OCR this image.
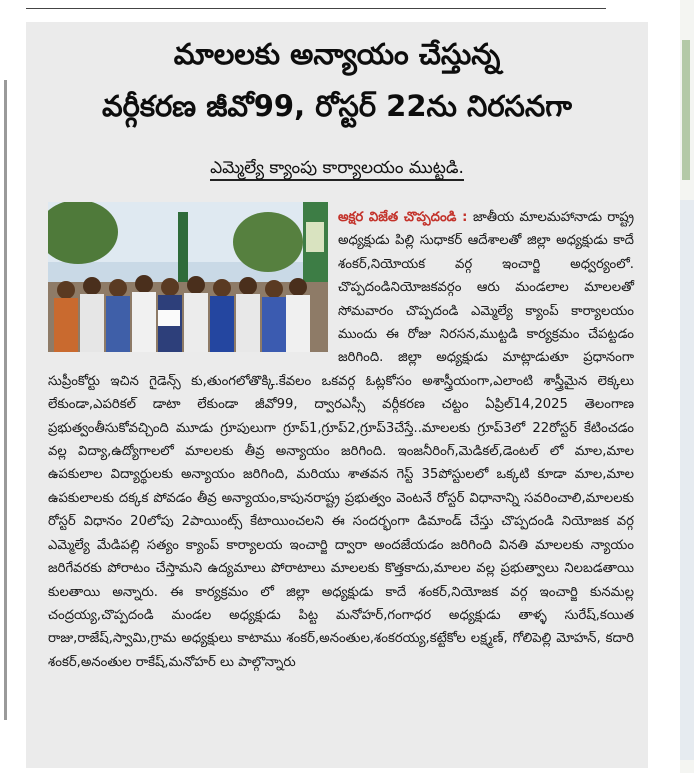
మాలలకు అన్యాయం చేస్తున్న
వర్గీకరణ జీవో99, రోస్టర్ 22ను నిరసనగా
ఎమ్మెల్యే క్యాంపు కార్యాలయం ముట్టడి.
అక్షర విజేత చొప్పదండి : జాతీయ మాలమహానాడు రాష్ట్ర అధ్యక్షుడు పిల్లి సుధాకర్ ఆదేశాలతో జిల్లా అధ్యక్షుడు కాదే శంకర్,నియోయక వర్గ ఇంచార్జి అధ్వర్యంలో. చొప్పదండినియోజకవర్గం ఆరు మండలాల మాలలతో సోమవారం చొప్పదండి ఎమ్మెల్యే క్యాంప్ కార్యాలయం ముందు ఈ రోజు నిరసన,ముట్టడి కార్యక్రమం చేపట్టడం జరిగింది. జిల్లా అధ్యక్షుడు మాట్లాడుతూ ప్రధానంగా సుప్రీంకోర్టు ఇచిన గైడెన్స్ కు,తుంగలోతొక్కి.కేవలం ఒకవర్గ ఓట్లకోసం అశాస్త్రీయంగా,ఎలాంటి శాస్త్రీమైన లెక్కలు లేకుండా,ఎపరికల్ డాటా లేకుండా జీవో99, ద్వారఎస్సీ వర్గీకరణ చట్టం ఏప్రిల్14,2025 తెలంగాణ ప్రభుత్వంతీసుకోవచ్చింది మూడు గ్రూపులుగా గ్రూప్1,గ్రూప్2,గ్రూప్3చేస్తే..మాలలకు గ్రూప్3లో 22రోస్టర్ కేటించడం వల్ల విద్యా,ఉద్యోగాలలో మాలలకు తీవ్ర అన్యాయం జరిగింది. ఇంజనీరింగ్,మెడికల్,డెంటల్ లో మాల,మాల ఉపకులాల విద్యార్థులకు అన్యాయం జరిగింది, మరియు శాతవన గెస్ట్ 35పోస్టులలో ఒక్కటి కూడా మాల,మాల ఉపకులాలకు దక్కక పోవడం తీవ్ర అన్యాయం,కాపునరాష్ట్ర ప్రభుత్వం వెంటనే రోస్టర్ విధానాన్ని సవరించాలి,మాలలకు రోస్టర్ విధానం 20లోపు 2పాయింట్స్ కేటాయించలని ఈ సందర్భంగా డిమాండ్ చేస్తు చొప్పదండి నియోజక వర్గ ఎమ్మెల్యే మేడిపల్లి సత్యం క్యాంప్ కార్యాలయ ఇంచార్జి ద్వారా అందజేయడం జరిగింది వినతి మాలలకు న్యాయం జరిగేవరకు పోరాటం చేస్తామని ఉద్యమాలు పోరాటాలు మాలలకు కొత్తకాదు,మాలల వల్ల ప్రభుత్వాలు నిలబడతాయి కులతాయి అన్నారు. ఈ కార్యక్రమం లో జిల్లా అధ్యక్షుడు కాదే శంకర్,నియోజక వర్గ ఇంచార్జి కునమల్ల చంద్రయ్య,చొప్పదండి మండల అధ్యక్షుడు పిట్ట మనోహర్,గంగాధర అధ్యక్షుడు తాళ్ళ సురేష్,కయిత రాజు,రాజేష్,స్వామి,గ్రామ అధ్యక్షులు కాటాము శంకర్,అనంతుల,శంకరయ్య,కట్టేకోల లక్ష్మణ్, గోలిపెల్లి మోహన్, కదారి శంకర్,అనంతుల రాకేష్,మనోహర్ లు పాల్గొన్నారు
